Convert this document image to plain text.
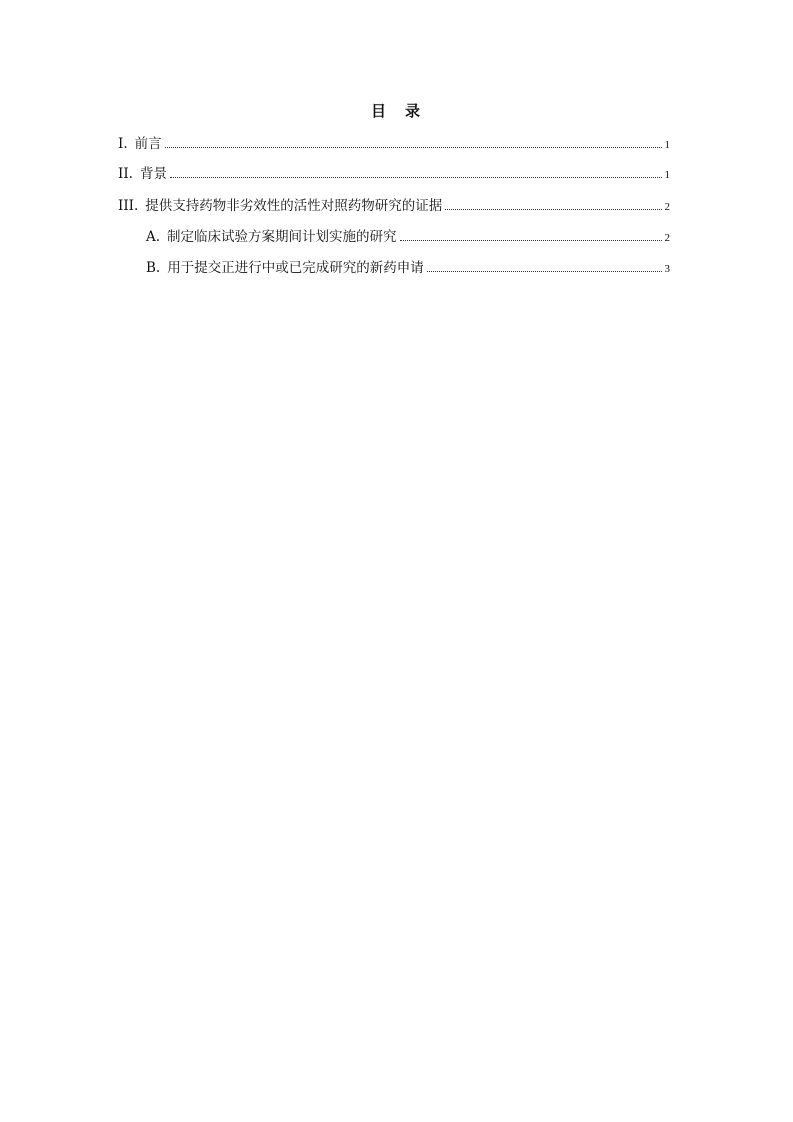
目　录
I. 前言	1
II. 背景	1
III. 提供支持药物非劣效性的活性对照药物研究的证据	2
A. 制定临床试验方案期间计划实施的研究	2
B. 用于提交正进行中或已完成研究的新药申请	3
